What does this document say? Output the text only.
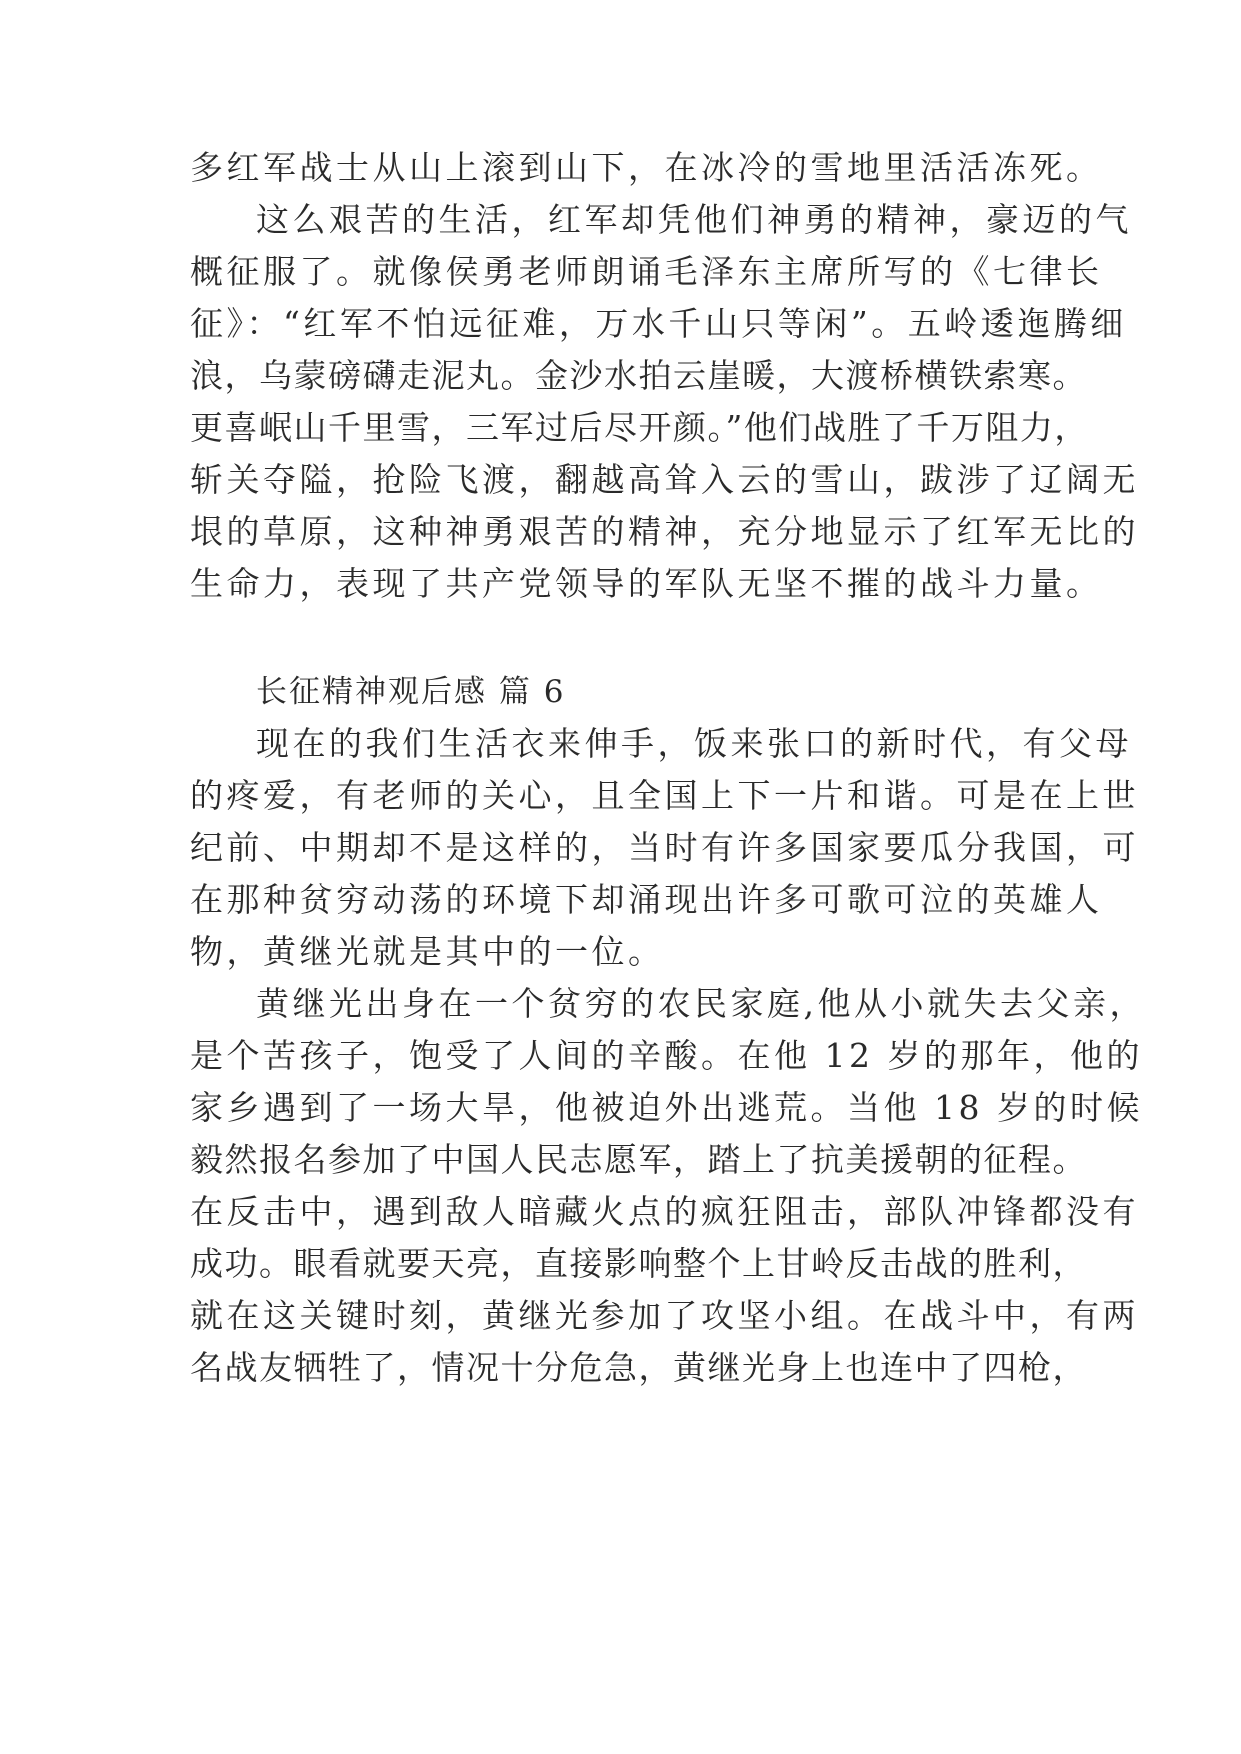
多红军战士从山上滚到山下，在冰冷的雪地里活活冻死。
这么艰苦的生活，红军却凭他们神勇的精神，豪迈的气
概征服了。就像侯勇老师朗诵毛泽东主席所写的《七律长
征》：“红军不怕远征难，万水千山只等闲”。五岭逶迤腾细
浪，乌蒙磅礴走泥丸。金沙水拍云崖暖，大渡桥横铁索寒。
更喜岷山千里雪，三军过后尽开颜。”他们战胜了千万阻力，
斩关夺隘，抢险飞渡，翻越高耸入云的雪山，跋涉了辽阔无
垠的草原，这种神勇艰苦的精神，充分地显示了红军无比的
生命力，表现了共产党领导的军队无坚不摧的战斗力量。
长征精神观后感 篇 6
现在的我们生活衣来伸手，饭来张口的新时代，有父母
的疼爱，有老师的关心，且全国上下一片和谐。可是在上世
纪前、中期却不是这样的，当时有许多国家要瓜分我国，可
在那种贫穷动荡的环境下却涌现出许多可歌可泣的英雄人
物，黄继光就是其中的一位。
黄继光出身在一个贫穷的农民家庭,他从小就失去父亲，
是个苦孩子，饱受了人间的辛酸。在他 12 岁的那年，他的
家乡遇到了一场大旱，他被迫外出逃荒。当他 18 岁的时候
毅然报名参加了中国人民志愿军，踏上了抗美援朝的征程。
在反击中，遇到敌人暗藏火点的疯狂阻击，部队冲锋都没有
成功。眼看就要天亮，直接影响整个上甘岭反击战的胜利，
就在这关键时刻，黄继光参加了攻坚小组。在战斗中，有两
名战友牺牲了，情况十分危急，黄继光身上也连中了四枪，
